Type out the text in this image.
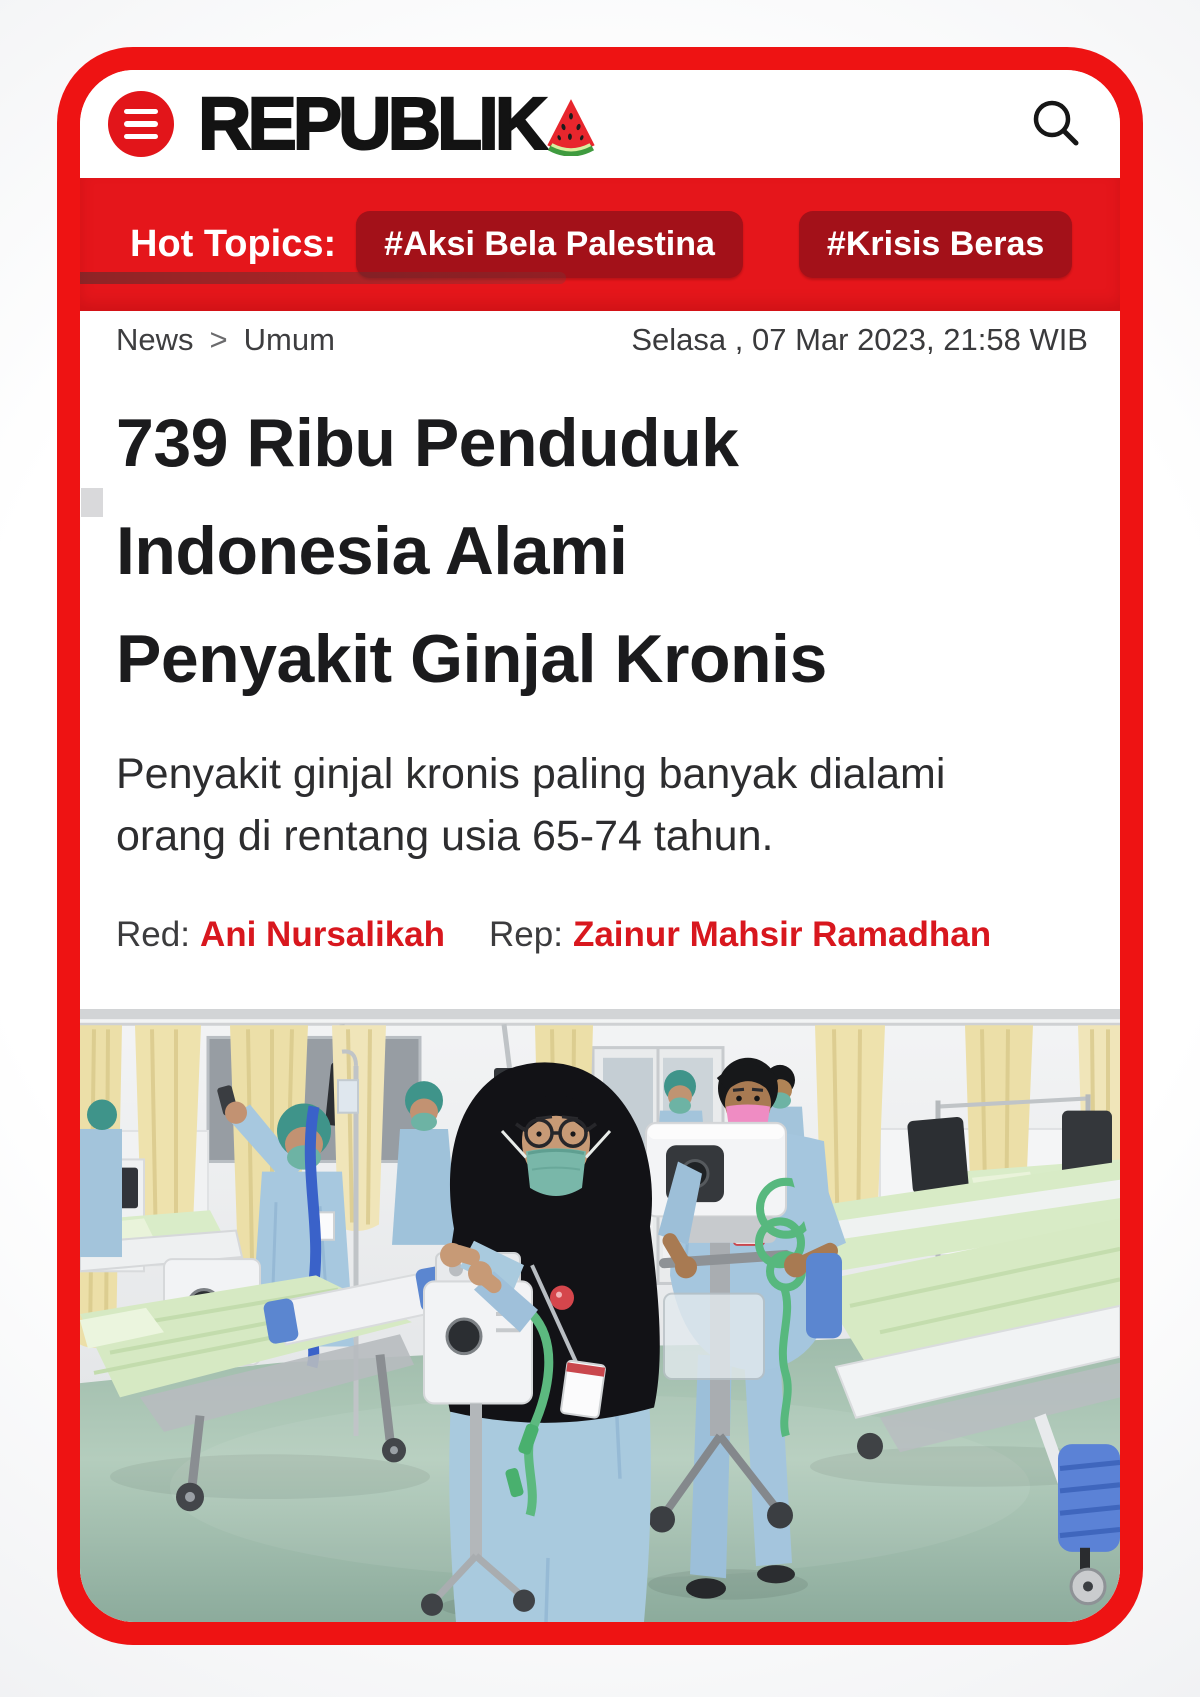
REPUBLIK
Hot Topics:	#Aksi Bela Palestina	#Krisis Beras
News > Umum	Selasa , 07 Mar 2023, 21:58 WIB
739 Ribu Penduduk
Indonesia Alami
Penyakit Ginjal Kronis

Penyakit ginjal kronis paling banyak dialami
orang di rentang usia 65-74 tahun.

Red: Ani Nursalikah Rep: Zainur Mahsir Ramadhan
